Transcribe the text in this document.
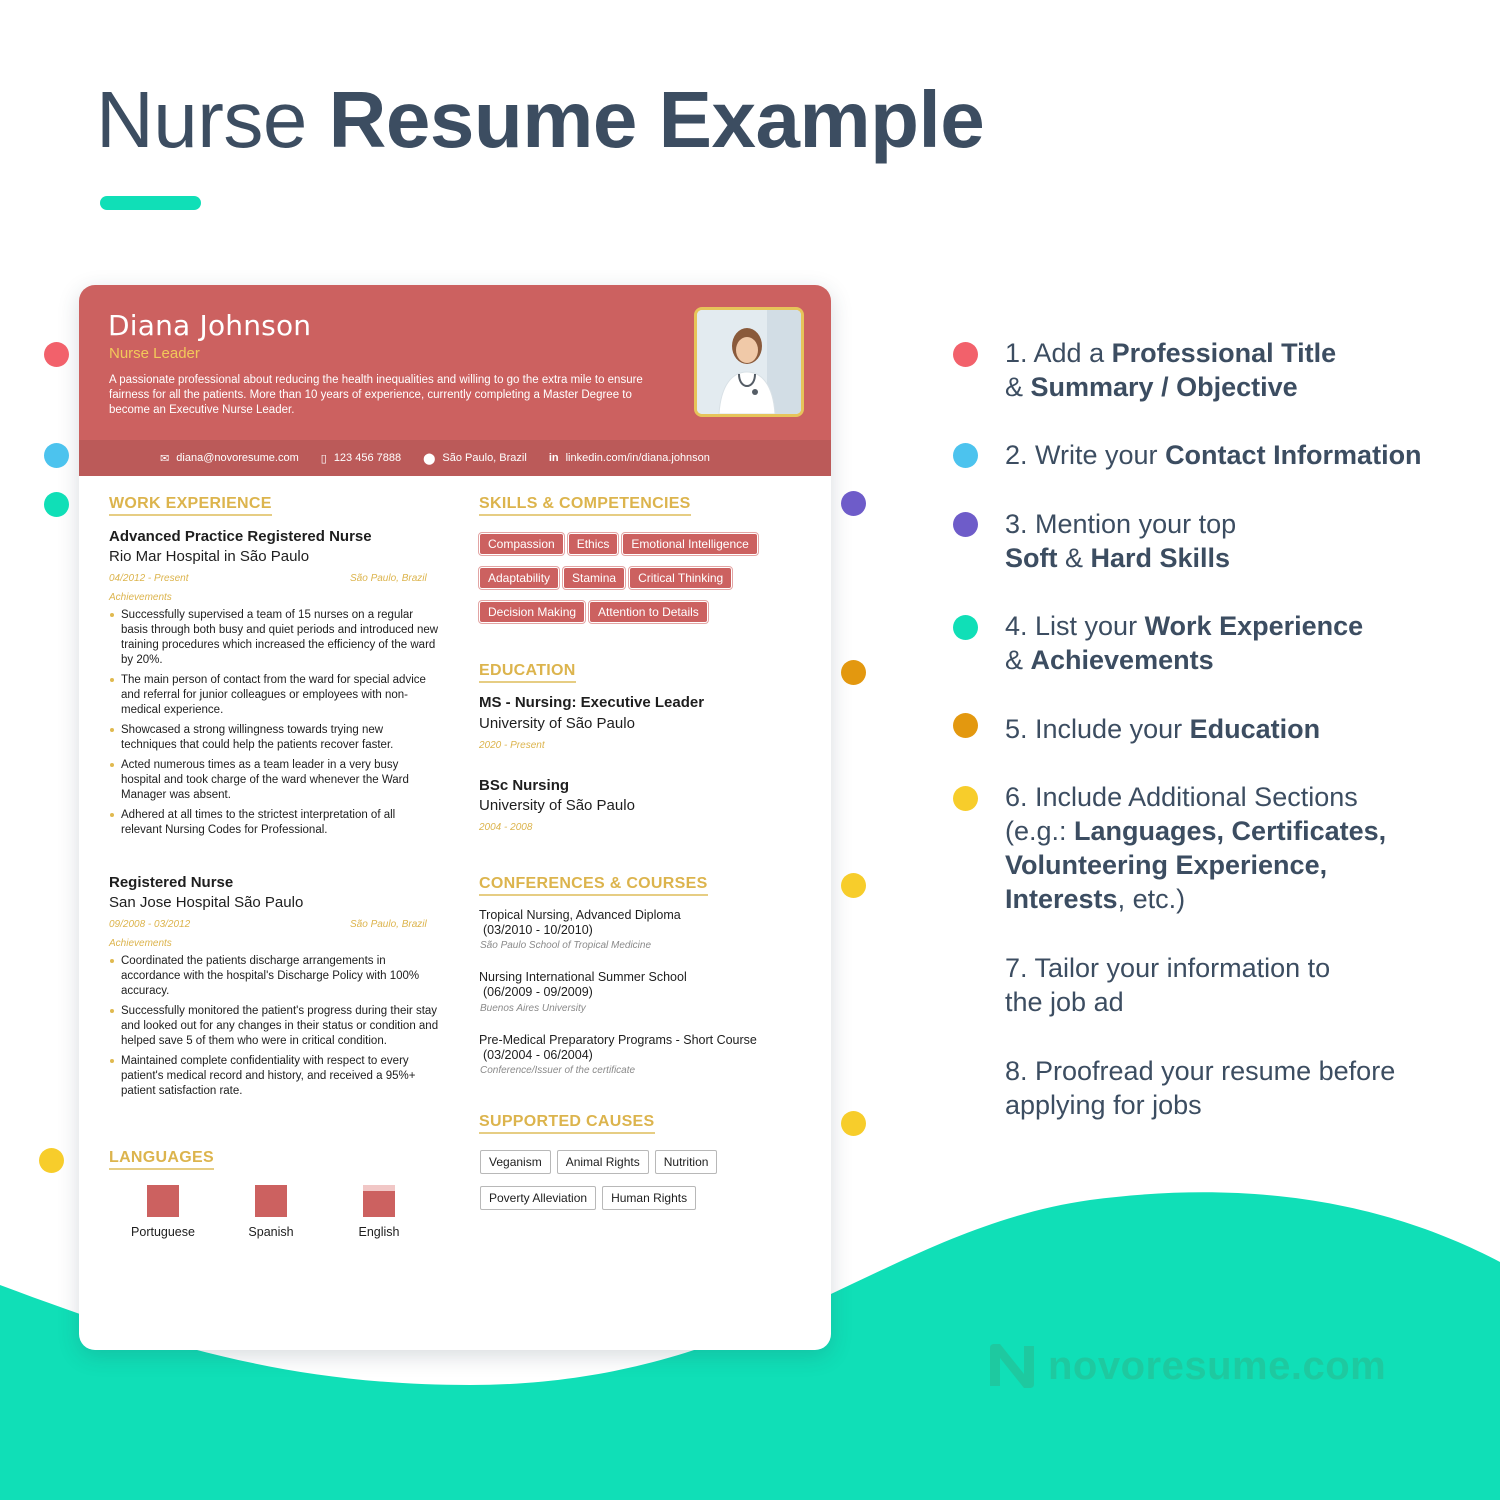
Nurse Resume Example
Diana Johnson
Nurse Leader
A passionate professional about reducing the health inequalities and willing to go the extra mile to ensure fairness for all the patients. More than 10 years of experience, currently completing a Master Degree to become an Executive Nurse Leader.
✉ diana@novoresume.com ▯ 123 456 7888 ⬤ São Paulo, Brazil in linkedin.com/in/diana.johnson
WORK EXPERIENCE
Advanced Practice Registered Nurse
Rio Mar Hospital in São Paulo
04/2012 - Present	São Paulo, Brazil
Achievements
Successfully supervised a team of 15 nurses on a regular basis through both busy and quiet periods and introduced new training procedures which increased the efficiency of the ward by 20%.
The main person of contact from the ward for special advice and referral for junior colleagues or employees with non-medical experience.
Showcased a strong willingness towards trying new techniques that could help the patients recover faster.
Acted numerous times as a team leader in a very busy hospital and took charge of the ward whenever the Ward Manager was absent.
Adhered at all times to the strictest interpretation of all relevant Nursing Codes for Professional.
Registered Nurse
San Jose Hospital São Paulo
09/2008 - 03/2012	São Paulo, Brazil
Achievements
Coordinated the patients discharge arrangements in accordance with the hospital's Discharge Policy with 100% accuracy.
Successfully monitored the patient's progress during their stay and looked out for any changes in their status or condition and helped save 5 of them who were in critical condition.
Maintained complete confidentiality with respect to every patient's medical record and history, and received a 95%+ patient satisfaction rate.
LANGUAGES
Portuguese	Spanish	English
SKILLS & COMPETENCIES
Compassion	Ethics	Emotional Intelligence
Adaptability	Stamina	Critical Thinking
Decision Making	Attention to Details
EDUCATION
MS - Nursing: Executive Leader
University of São Paulo
2020 - Present
BSc Nursing
University of São Paulo
2004 - 2008
CONFERENCES & COURSES
Tropical Nursing, Advanced Diploma
(03/2010 - 10/2010)
São Paulo School of Tropical Medicine
Nursing International Summer School
(06/2009 - 09/2009)
Buenos Aires University
Pre-Medical Preparatory Programs - Short Course
(03/2004 - 06/2004)
Conference/Issuer of the certificate
SUPPORTED CAUSES
Veganism	Animal Rights	Nutrition
Poverty Alleviation	Human Rights
1. Add a Professional Title
& Summary / Objective
2. Write your Contact Information
3. Mention your top
Soft & Hard Skills
4. List your Work Experience
& Achievements
5. Include your Education
6. Include Additional Sections
(e.g.: Languages, Certificates,
Volunteering Experience,
Interests, etc.)
7. Tailor your information to
the job ad
8. Proofread your resume before
applying for jobs
novoresume.com
